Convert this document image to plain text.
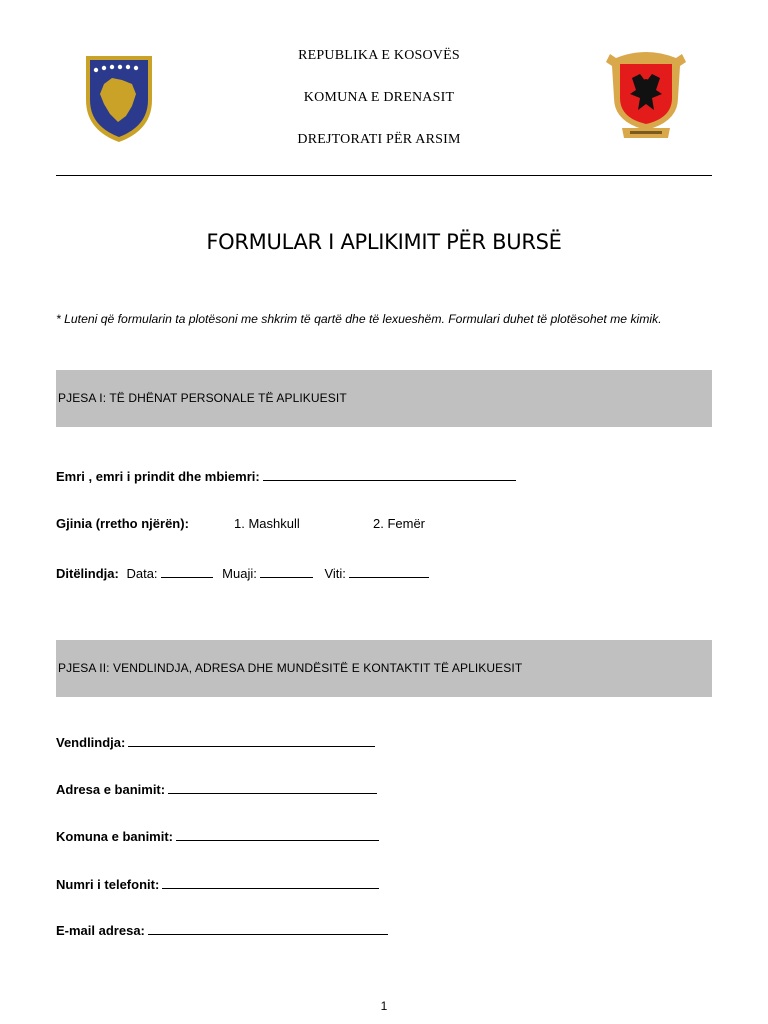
REPUBLIKA E KOSOVËS
KOMUNA E DRENASIT
DREJTORATI PËR ARSIM
FORMULAR I APLIKIMIT PËR BURSË
* Luteni që formularin ta plotësoni me shkrim të qartë dhe të lexueshëm. Formulari duhet të plotësohet me kimik.
PJESA I: TË DHËNAT PERSONALE TË APLIKUESIT
Emri , emri i prindit dhe mbiemri:
Gjinia (rretho njërën):	1. Mashkull	2. Femër
Ditëlindja: Data:	Muaji:	Viti:
PJESA II: VENDLINDJA, ADRESA DHE MUNDËSITË E KONTAKTIT TË APLIKUESIT
Vendlindja:
Adresa e banimit:
Komuna e banimit:
Numri i telefonit:
E-mail adresa:
1
